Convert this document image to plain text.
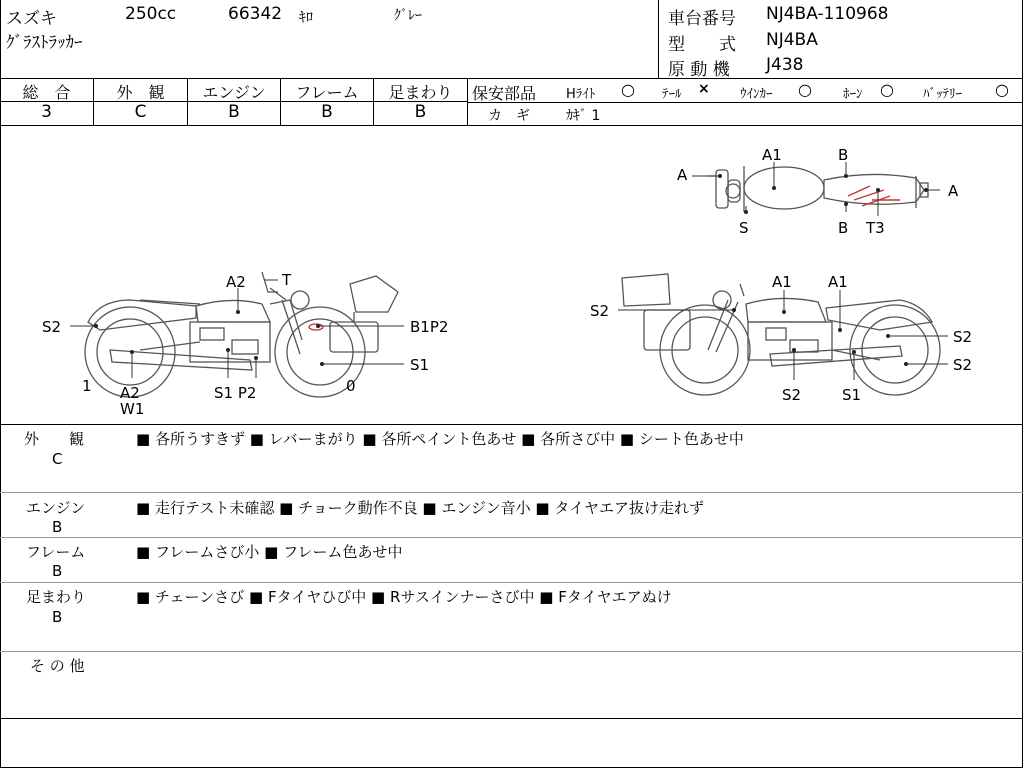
スズキ	250cc	66342 ｷﾛ	ｸﾞﾚｰ
ｸﾞﾗｽﾄﾗｯｶｰ
車台番号 NJ4BA-110968
型　　式 NJ4BA
原 動 機 J438
総　合
3
外　観
C
エンジン
B
フレーム
B
足まわり
B
保安部品 Hﾗｲﾄ ○ ﾃｰﾙ × ｳｲﾝｶｰ ○ ﾎｰﾝ ○ ﾊﾞｯﾃﾘｰ ○
カ　ギ	ｶｷﾞ 1
A
A1	B
A
S	B T3
A2 T
S2	B1P2
S1
1 A2
W1
S1 P2	0
S2
A1 A1
S2
S2
S2	S1
外　　観
C
■ 各所うすきず ■ レバーまがり ■ 各所ペイント色あせ ■ 各所さび中 ■ シート色あせ中
エンジン
B
■ 走行テスト未確認 ■ チョーク動作不良 ■ エンジン音小 ■ タイヤエア抜け走れず
フレーム
B
■ フレームさび小 ■ フレーム色あせ中
足まわり
B
■ チェーンさび ■ Fタイヤひび中 ■ Rサスインナーさび中 ■ Fタイヤエアぬけ
そ の 他
